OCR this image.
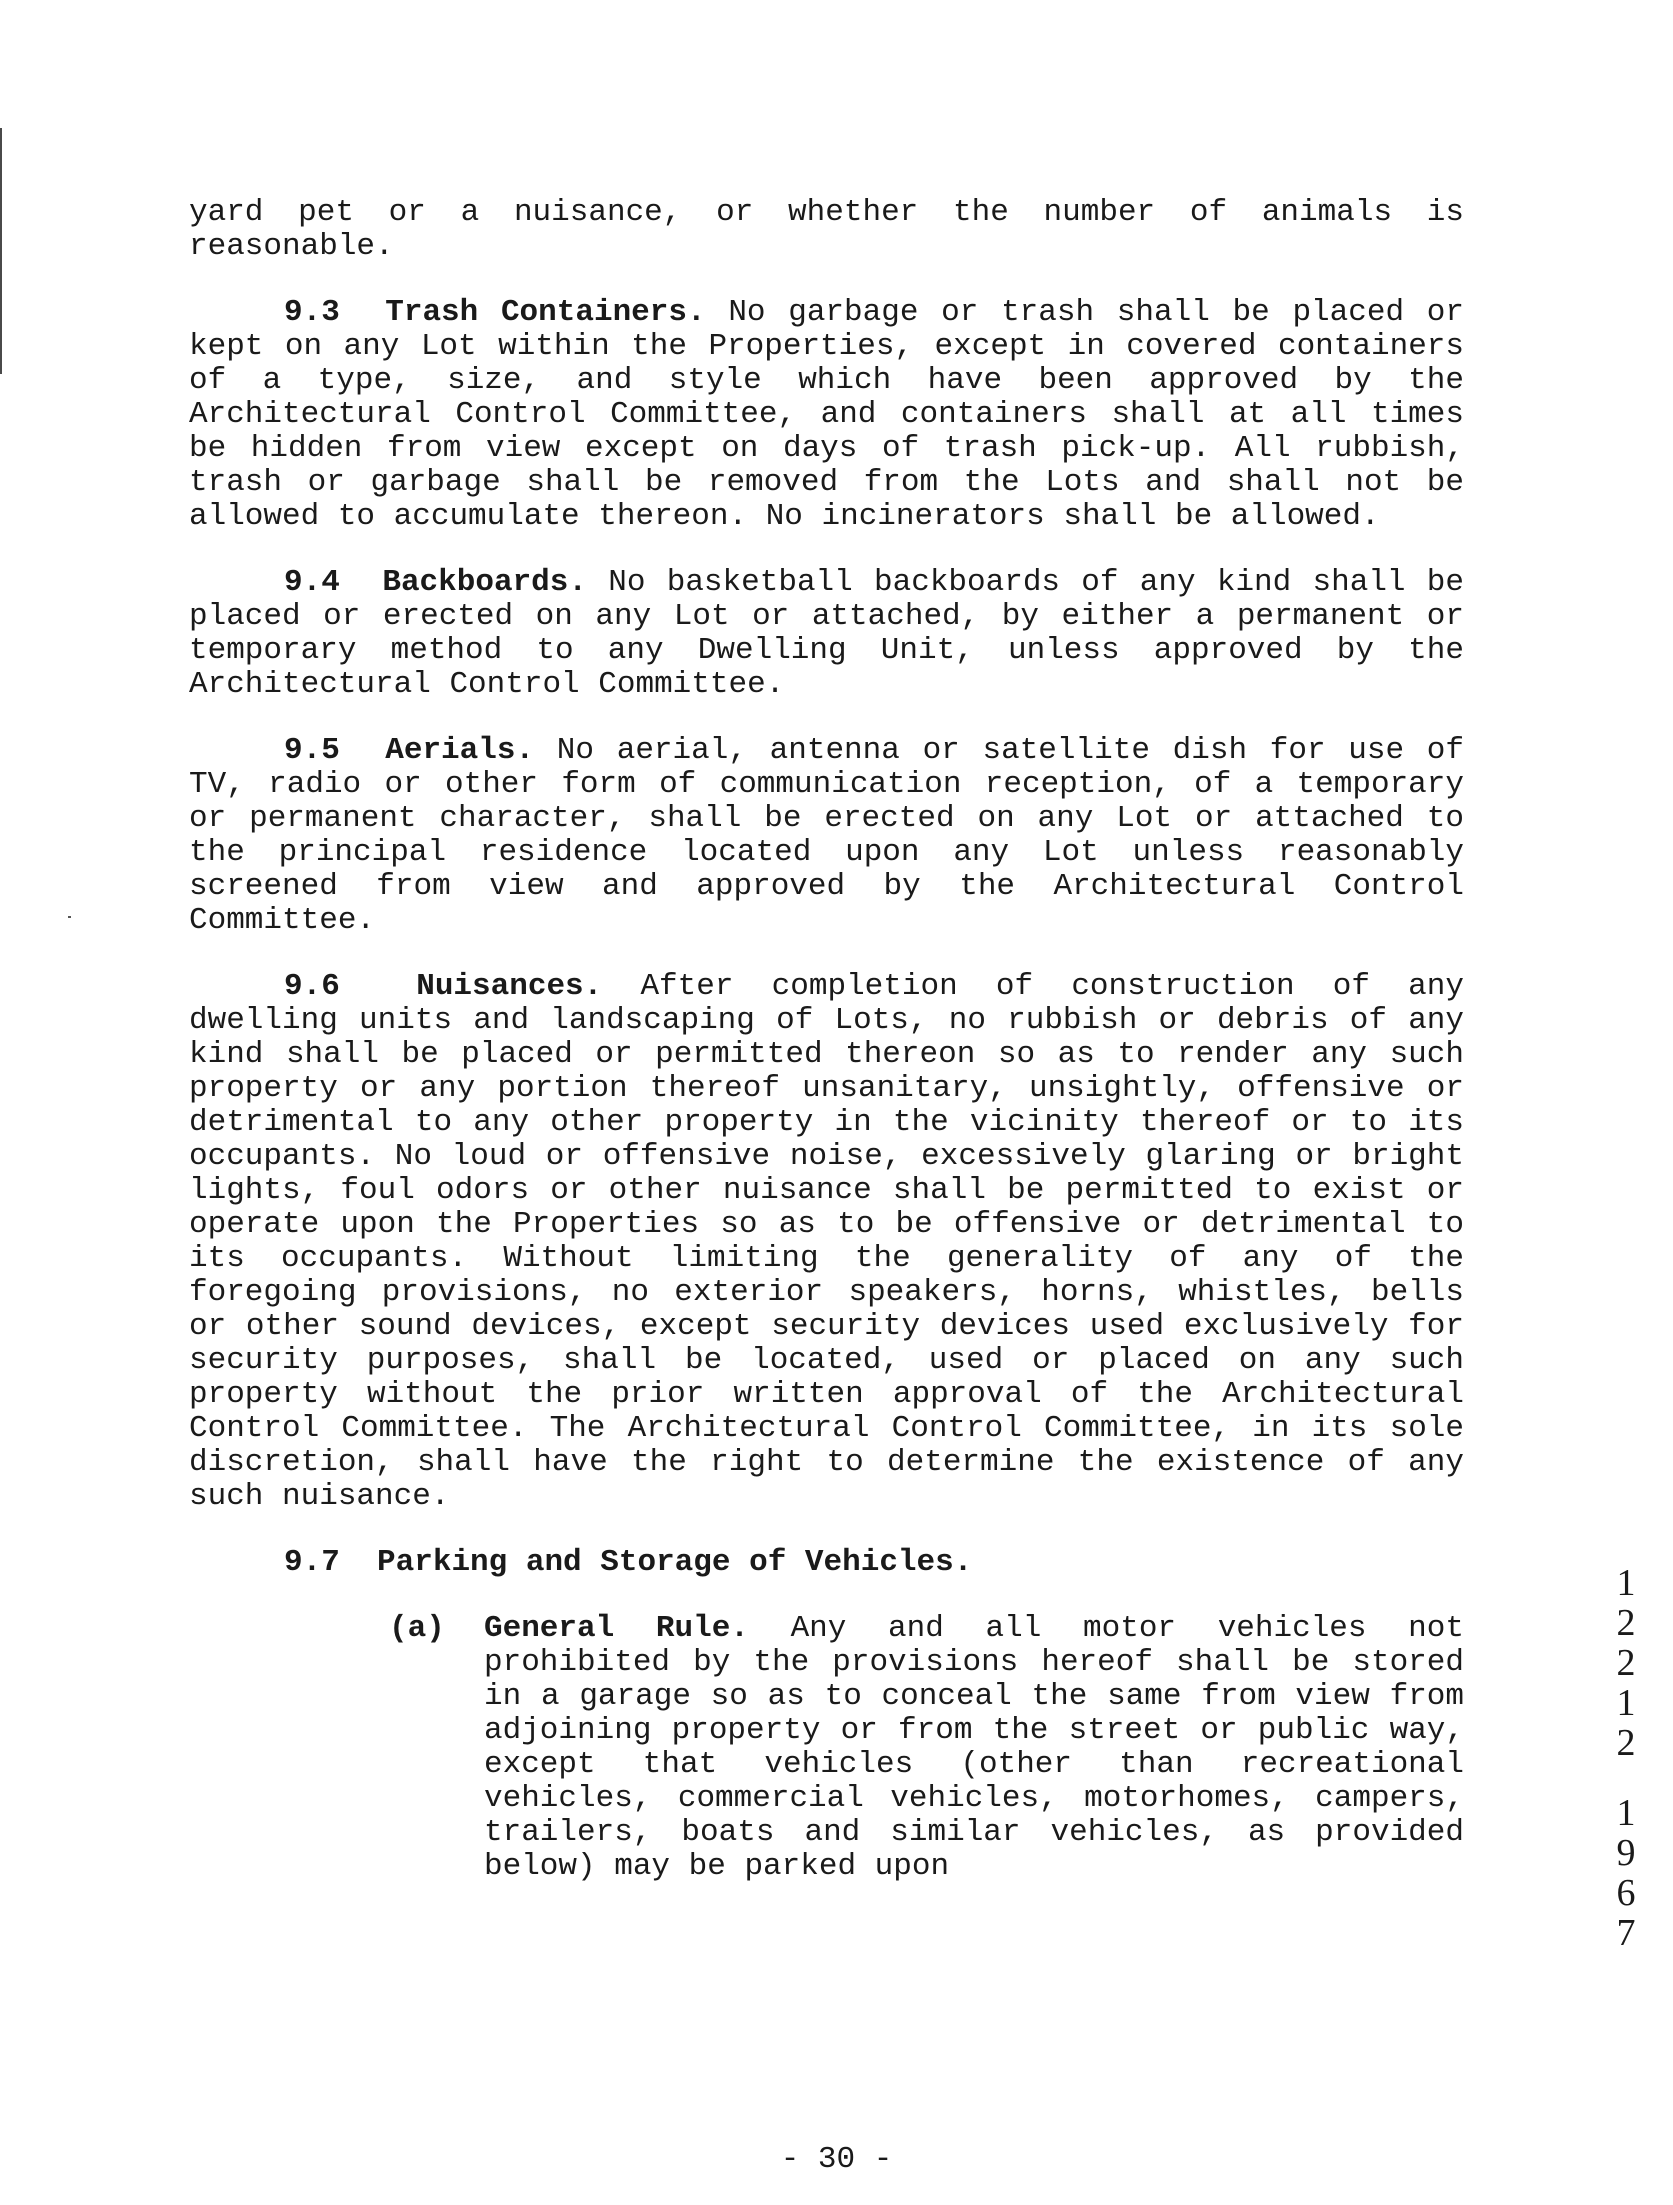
yard pet or a nuisance, or whether the number of animals is reasonable.

9.3 Trash Containers. No garbage or trash shall be placed or kept on any Lot within the Properties, except in covered containers of a type, size, and style which have been approved by the Architectural Control Committee, and containers shall at all times be hidden from view except on days of trash pick-up. All rubbish, trash or garbage shall be removed from the Lots and shall not be allowed to accumulate thereon. No incinerators shall be allowed.

9.4 Backboards. No basketball backboards of any kind shall be placed or erected on any Lot or attached, by either a permanent or temporary method to any Dwelling Unit, unless approved by the Architectural Control Committee.

9.5 Aerials. No aerial, antenna or satellite dish for use of TV, radio or other form of communication reception, of a temporary or permanent character, shall be erected on any Lot or attached to the principal residence located upon any Lot unless reasonably screened from view and approved by the Architectural Control Committee.

9.6 Nuisances. After completion of construction of any dwelling units and landscaping of Lots, no rubbish or debris of any kind shall be placed or permitted thereon so as to render any such property or any portion thereof unsanitary, unsightly, offensive or detrimental to any other property in the vicinity thereof or to its occupants. No loud or offensive noise, excessively glaring or bright lights, foul odors or other nuisance shall be permitted to exist or operate upon the Properties so as to be offensive or detrimental to its occupants. Without limiting the generality of any of the foregoing provisions, no exterior speakers, horns, whistles, bells or other sound devices, except security devices used exclusively for security purposes, shall be located, used or placed on any such property without the prior written approval of the Architectural Control Committee. The Architectural Control Committee, in its sole discretion, shall have the right to determine the existence of any such nuisance.

9.7 Parking and Storage of Vehicles.

(a)	General Rule. Any and all motor vehicles not prohibited by the provisions hereof shall be stored in a garage so as to conceal the same from view from adjoining property or from the street or public way, except that vehicles (other than recreational vehicles, commercial vehicles, motorhomes, campers, trailers, boats and similar vehicles, as provided below) may be parked upon
1
2
2
1
2
1
9
6
7
- 30 -
